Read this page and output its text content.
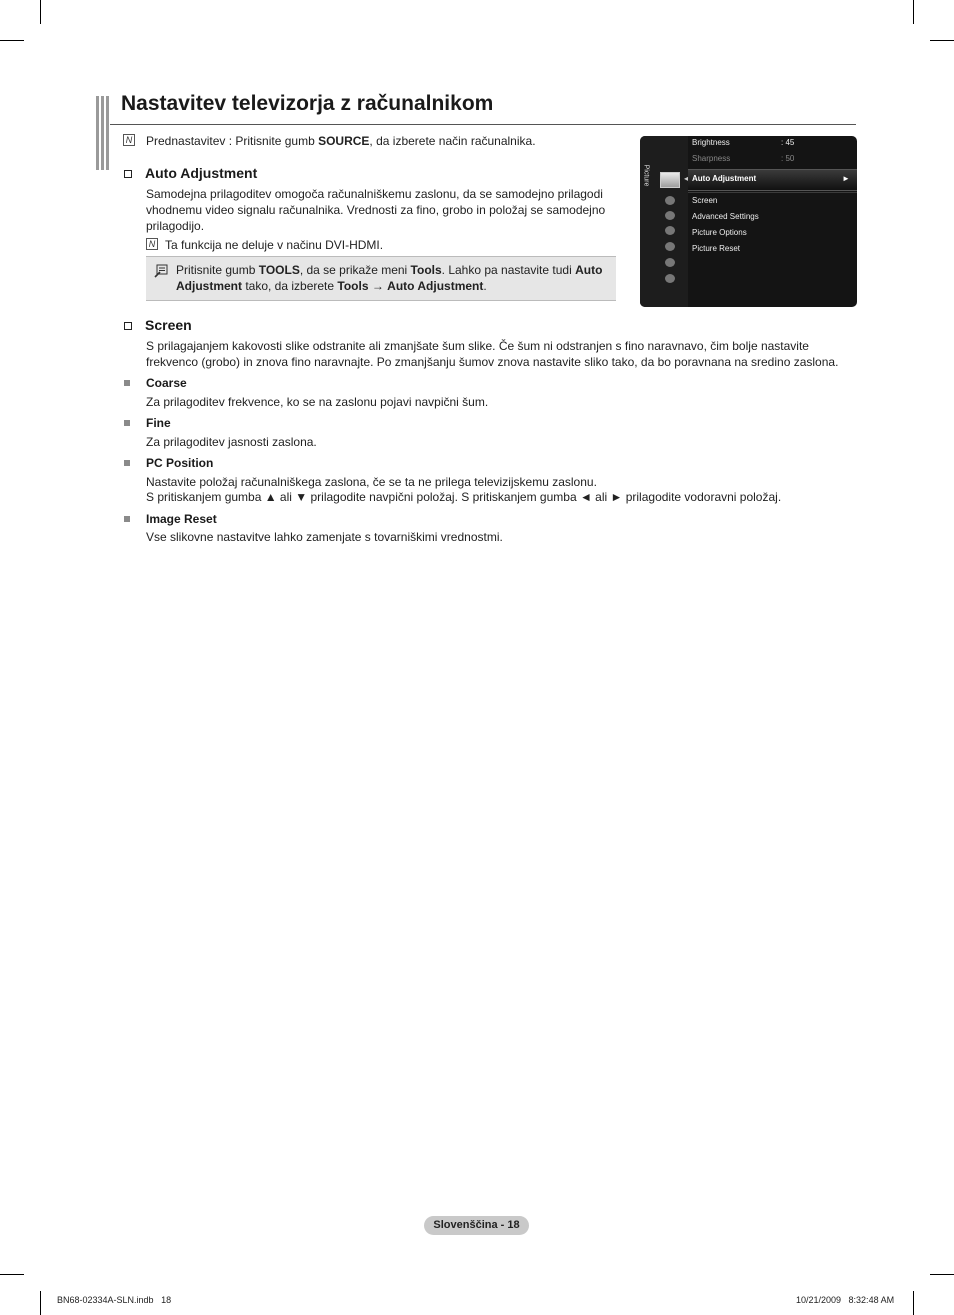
Nastavitev televizorja z računalnikom
N Prednastavitev : Pritisnite gumb SOURCE, da izberete način računalnika.
Auto Adjustment
Samodejna prilagoditev omogoča računalniškemu zaslonu, da se samodejno prilagodi
vhodnemu video signalu računalnika. Vrednosti za fino, grobo in položaj se samodejno
prilagodijo.
N Ta funkcija ne deluje v načinu DVI-HDMI.
Pritisnite gumb TOOLS, da se prikaže meni Tools. Lahko pa nastavite tudi Auto
Adjustment tako, da izberete Tools → Auto Adjustment.
Picture
Brightness	: 45
Sharpness	: 50
◂ Auto Adjustment	►
Screen
Advanced Settings
Picture Options
Picture Reset
Screen
S prilagajanjem kakovosti slike odstranite ali zmanjšate šum slike. Če šum ni odstranjen s fino naravnavo, čim bolje nastavite
frekvenco (grobo) in znova fino naravnajte. Po zmanjšanju šumov znova nastavite sliko tako, da bo poravnana na sredino zaslona.
Coarse
Za prilagoditev frekvence, ko se na zaslonu pojavi navpični šum.
Fine
Za prilagoditev jasnosti zaslona.
PC Position
Nastavite položaj računalniškega zaslona, če se ta ne prilega televizijskemu zaslonu.
S pritiskanjem gumba ▲ ali ▼ prilagodite navpični položaj. S pritiskanjem gumba ◄ ali ► prilagodite vodoravni položaj.
Image Reset
Vse slikovne nastavitve lahko zamenjate s tovarniškimi vrednostmi.
Slovenščina - 18
BN68-02334A-SLN.indb   18	10/21/2009   8:32:48 AM
